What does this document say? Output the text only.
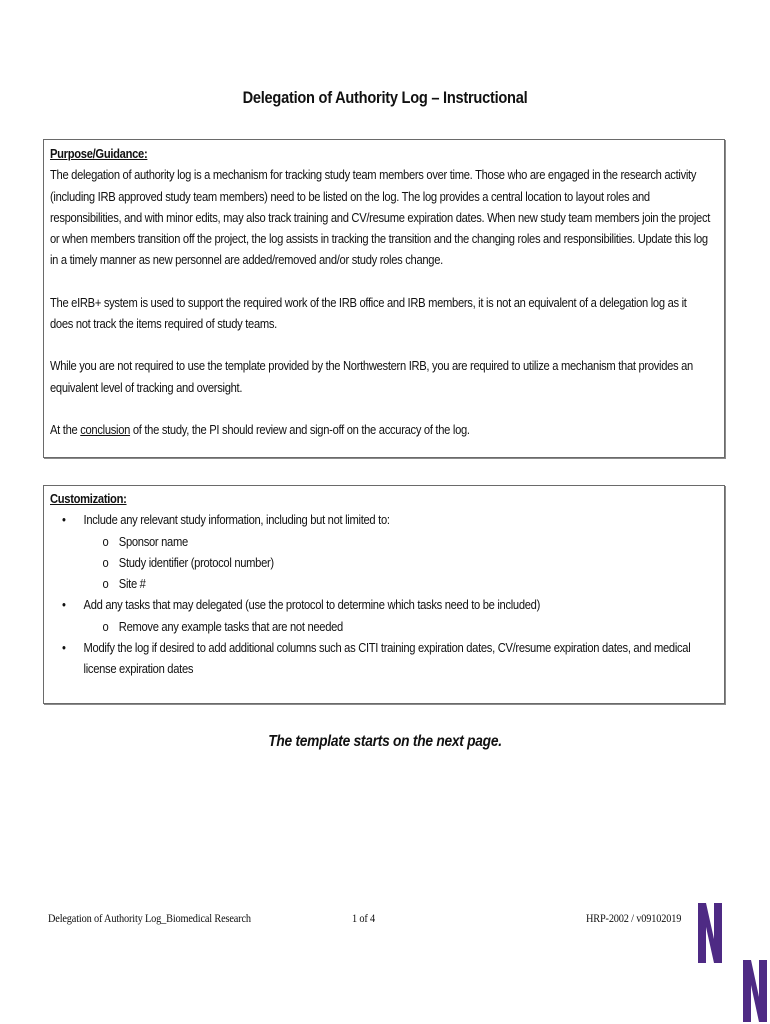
Delegation of Authority Log – Instructional
Purpose/Guidance:
The delegation of authority log is a mechanism for tracking study team members over time. Those who are engaged in the research activity
(including IRB approved study team members) need to be listed on the log. The log provides a central location to layout roles and
responsibilities, and with minor edits, may also track training and CV/resume expiration dates. When new study team members join the project
or when members transition off the project, the log assists in tracking the transition and the changing roles and responsibilities. Update this log
in a timely manner as new personnel are added/removed and/or study roles change.
The eIRB+ system is used to support the required work of the IRB office and IRB members, it is not an equivalent of a delegation log as it
does not track the items required of study teams.
While you are not required to use the template provided by the Northwestern IRB, you are required to utilize a mechanism that provides an
equivalent level of tracking and oversight.
At the conclusion of the study, the PI should review and sign-off on the accuracy of the log.
Customization:
• Include any relevant study information, including but not limited to:
o Sponsor name
o Study identifier (protocol number)
o Site #
• Add any tasks that may delegated (use the protocol to determine which tasks need to be included)
o Remove any example tasks that are not needed
• Modify the log if desired to add additional columns such as CITI training expiration dates, CV/resume expiration dates, and medical
license expiration dates
The template starts on the next page.
Delegation of Authority Log_Biomedical Research	1 of 4	HRP-2002 / v09102019
